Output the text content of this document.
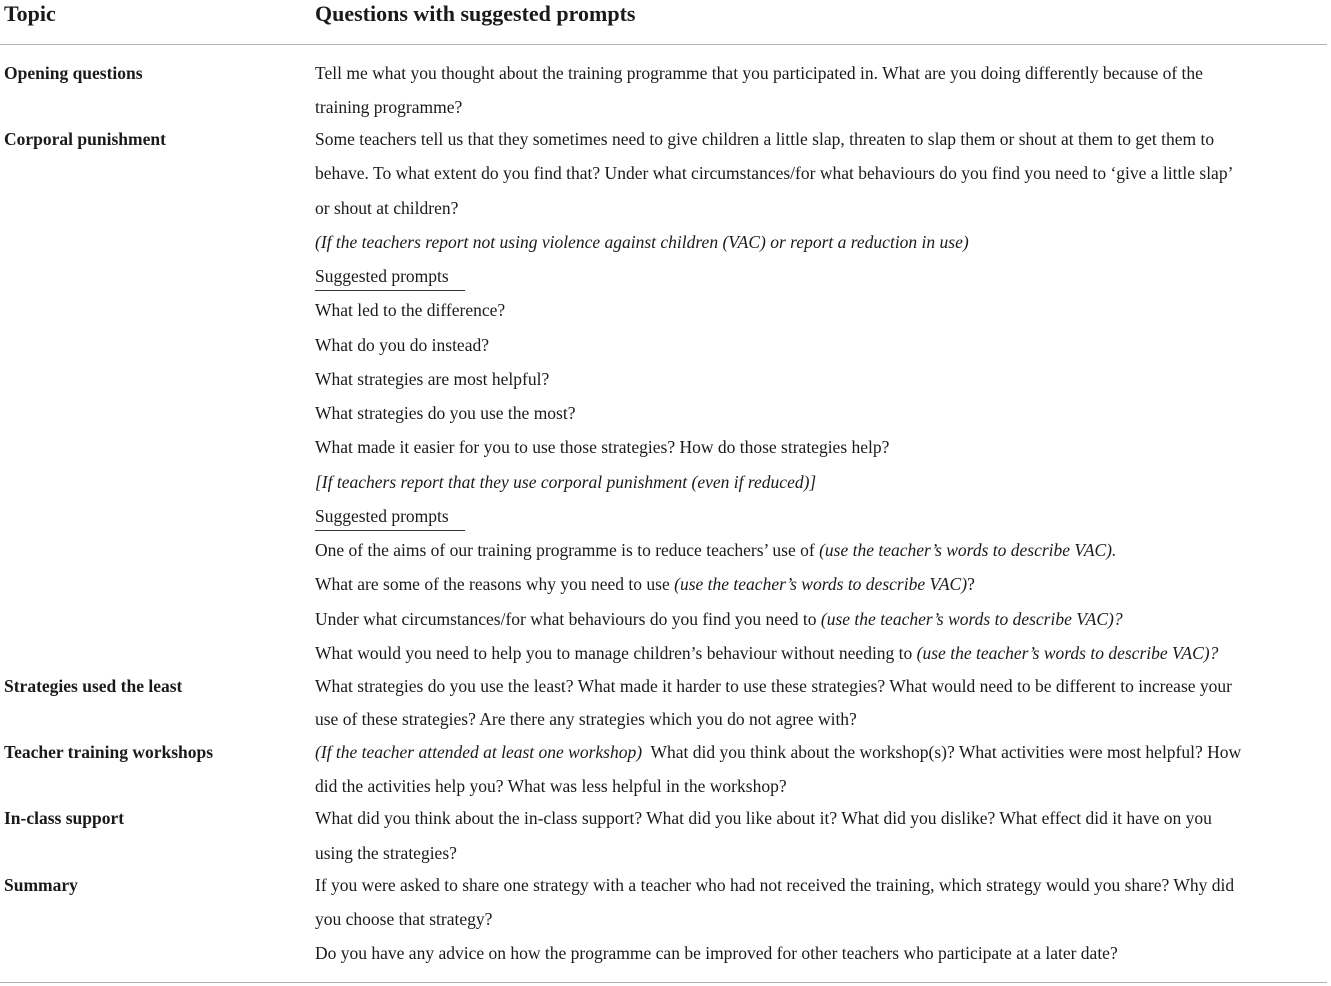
Topic	Questions with suggested prompts
Opening questions	Tell me what you thought about the training programme that you participated in. What are you doing differently because of the
training programme?
Corporal punishment	Some teachers tell us that they sometimes need to give children a little slap, threaten to slap them or shout at them to get them to
behave. To what extent do you find that? Under what circumstances/for what behaviours do you find you need to ‘give a little slap’
or shout at children?
(If the teachers report not using violence against children (VAC) or report a reduction in use)
Suggested prompts
What led to the difference?
What do you do instead?
What strategies are most helpful?
What strategies do you use the most?
What made it easier for you to use those strategies? How do those strategies help?
[If teachers report that they use corporal punishment (even if reduced)]
Suggested prompts
One of the aims of our training programme is to reduce teachers’ use of (use the teacher’s words to describe VAC).
What are some of the reasons why you need to use (use the teacher’s words to describe VAC)?
Under what circumstances/for what behaviours do you find you need to (use the teacher’s words to describe VAC)?
What would you need to help you to manage children’s behaviour without needing to (use the teacher’s words to describe VAC)?
Strategies used the least	What strategies do you use the least? What made it harder to use these strategies? What would need to be different to increase your
use of these strategies? Are there any strategies which you do not agree with?
Teacher training workshops	(If the teacher attended at least one workshop)  What did you think about the workshop(s)? What activities were most helpful? How
did the activities help you? What was less helpful in the workshop?
In-class support	What did you think about the in-class support? What did you like about it? What did you dislike? What effect did it have on you
using the strategies?
Summary	If you were asked to share one strategy with a teacher who had not received the training, which strategy would you share? Why did
you choose that strategy?
Do you have any advice on how the programme can be improved for other teachers who participate at a later date?
